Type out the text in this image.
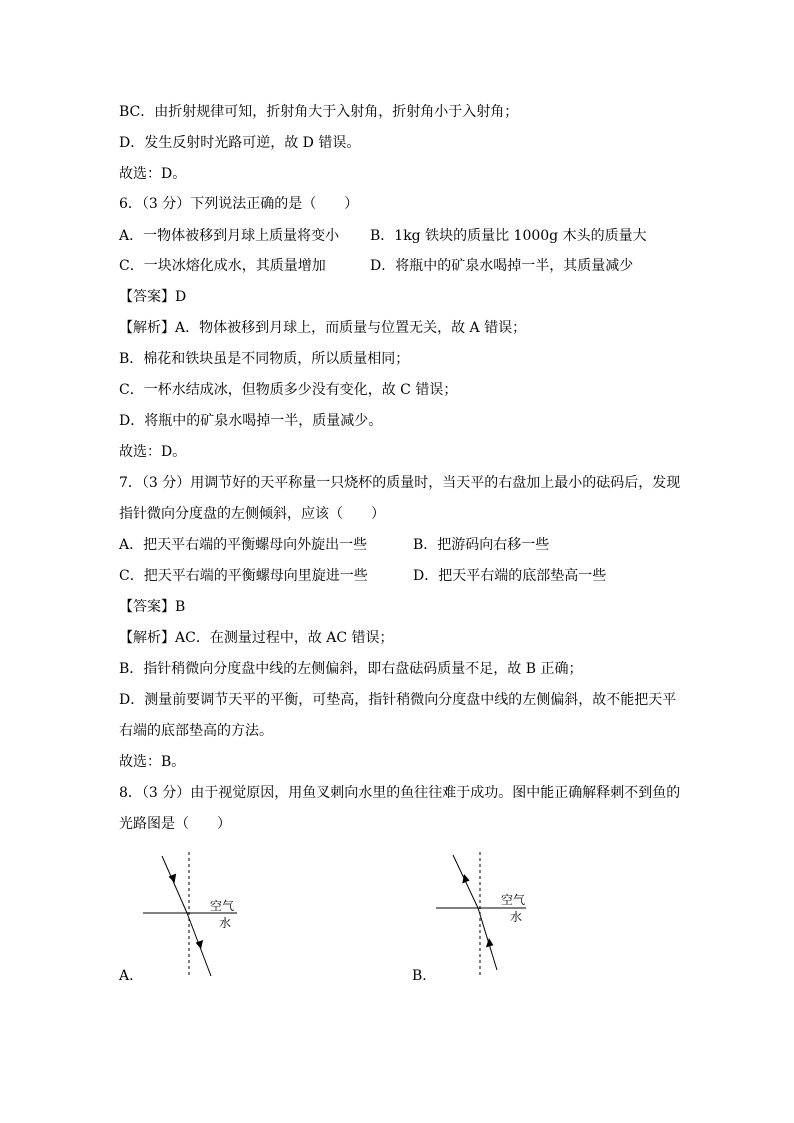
BC．由折射规律可知，折射角大于入射角，折射角小于入射角；
D．发生反射时光路可逆，故 D 错误。
故选：D。
6．（3 分）下列说法正确的是（　　）
A．一物体被移到月球上质量将变小 B．1kg 铁块的质量比 1000g 木头的质量大
C．一块冰熔化成水，其质量增加	D．将瓶中的矿泉水喝掉一半，其质量减少
【答案】D
【解析】A．物体被移到月球上，而质量与位置无关，故 A 错误；
B．棉花和铁块虽是不同物质，所以质量相同；
C．一杯水结成冰，但物质多少没有变化，故 C 错误；
D．将瓶中的矿泉水喝掉一半，质量减少。
故选：D。
7．（3 分）用调节好的天平称量一只烧杯的质量时，当天平的右盘加上最小的砝码后，发现
指针微向分度盘的左侧倾斜，应该（　　）
A．把天平右端的平衡螺母向外旋出一些	B．把游码向右移一些
C．把天平右端的平衡螺母向里旋进一些	D．把天平右端的底部垫高一些
【答案】B
【解析】AC．在测量过程中，故 AC 错误；
B．指针稍微向分度盘中线的左侧偏斜，即右盘砝码质量不足，故 B 正确；
D．测量前要调节天平的平衡，可垫高，指针稍微向分度盘中线的左侧偏斜，故不能把天平
右端的底部垫高的方法。
故选：B。
8．（3 分）由于视觉原因，用鱼叉刺向水里的鱼往往难于成功。图中能正确解释刺不到鱼的
光路图是（　　）
空气
水
A．
空气
水
B．
